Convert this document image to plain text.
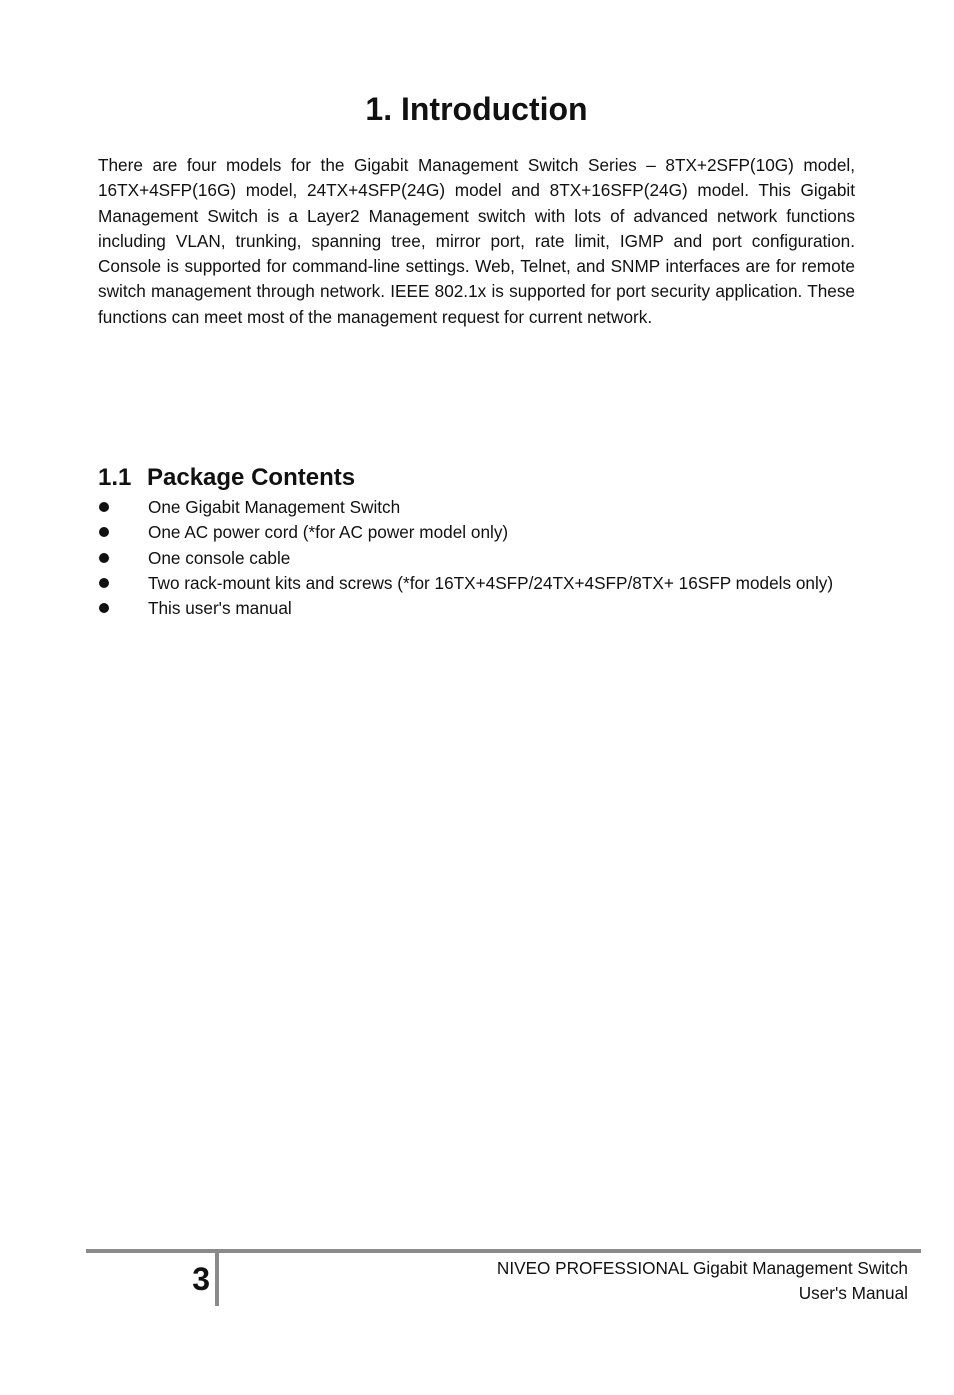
1. Introduction

There are four models for the Gigabit Management Switch Series – 8TX+2SFP(10G) model, 16TX+4SFP(16G) model, 24TX+4SFP(24G) model and 8TX+16SFP(24G) model. This Gigabit Management Switch is a Layer2 Management switch with lots of advanced network functions including VLAN, trunking, spanning tree, mirror port, rate limit, IGMP and port configuration. Console is supported for command-line settings. Web, Telnet, and SNMP interfaces are for remote switch management through network. IEEE 802.1x is supported for port security application. These functions can meet most of the management request for current network.

1.1 Package Contents
One Gigabit Management Switch
One AC power cord (*for AC power model only)
One console cable
Two rack-mount kits and screws (*for 16TX+4SFP/24TX+4SFP/8TX+ 16SFP models only)
This user's manual
3	NIVEO PROFESSIONAL Gigabit Management Switch
User's Manual
